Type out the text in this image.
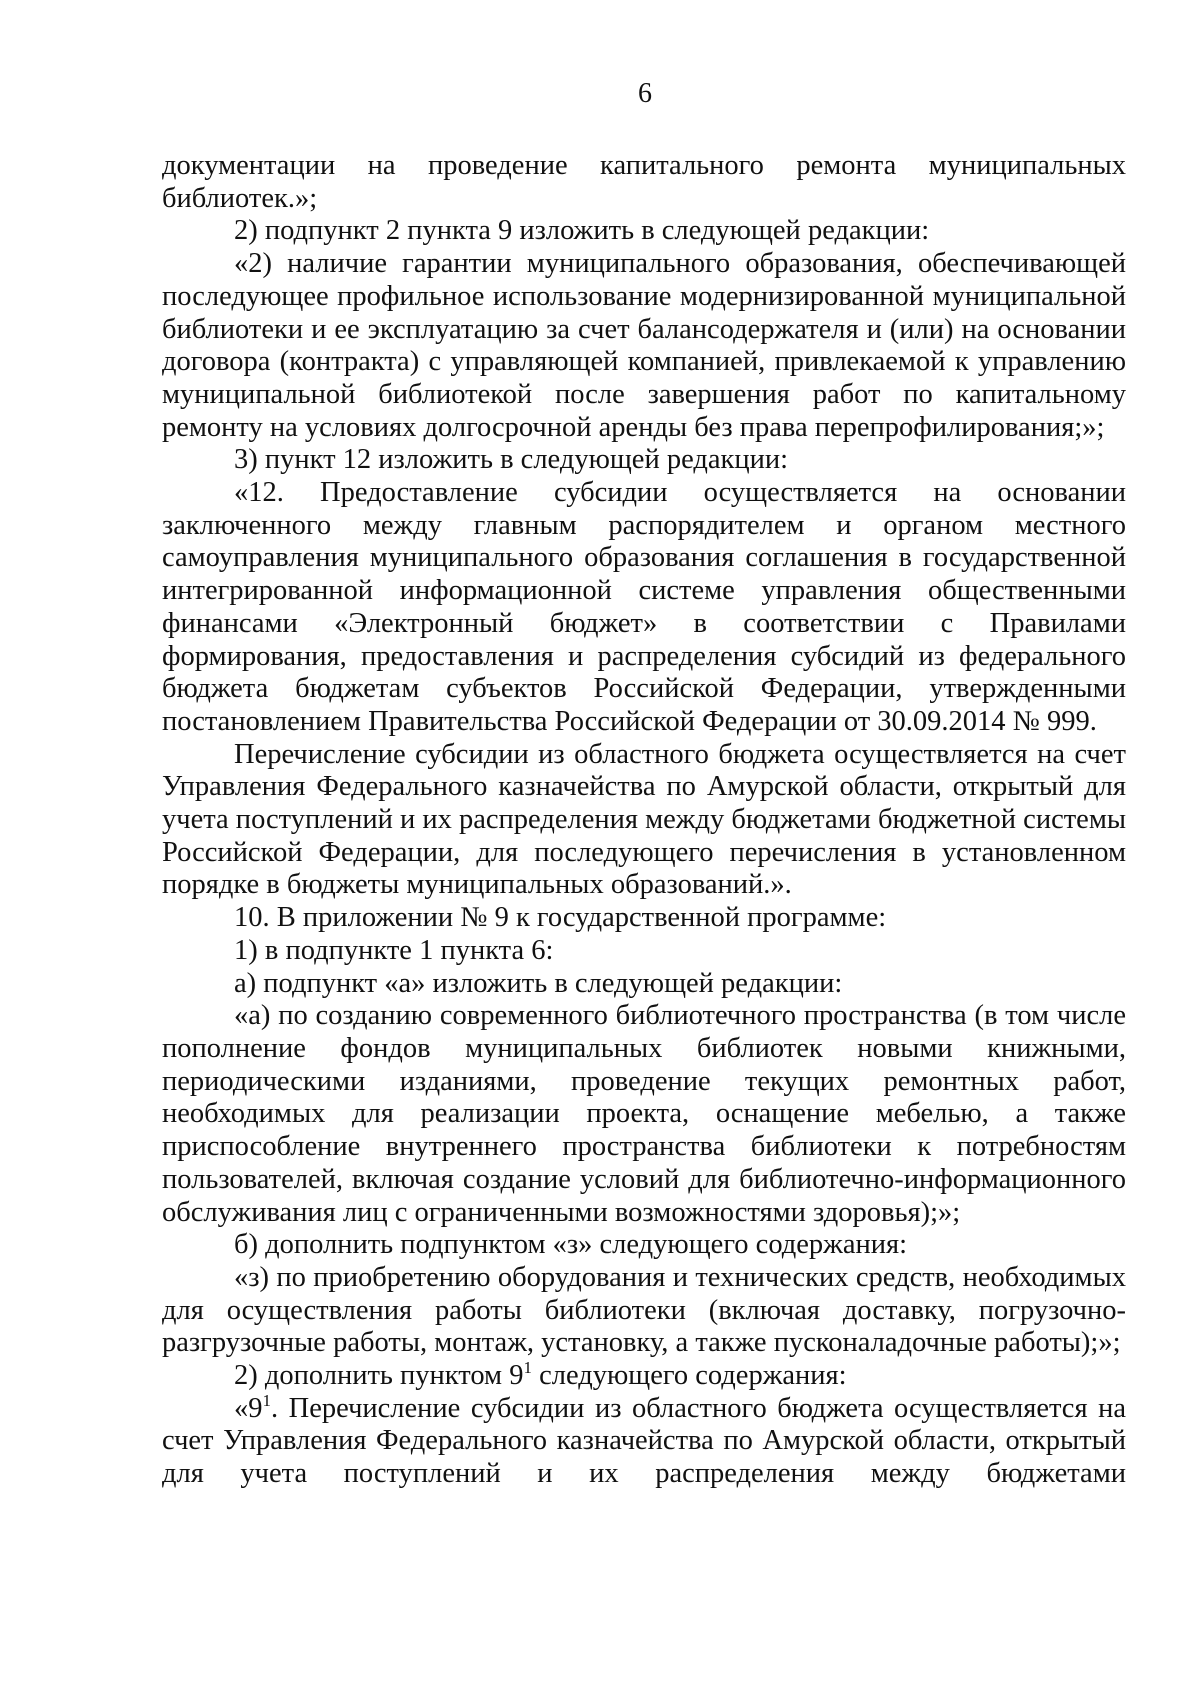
6

документации на проведение капитального ремонта муниципальных библиотек.»;

2) подпункт 2 пункта 9 изложить в следующей редакции:

«2) наличие гарантии муниципального образования, обеспечивающей последующее профильное использование модернизированной муниципальной библиотеки и ее эксплуатацию за счет балансодержателя и (или) на основании договора (контракта) с управляющей компанией, привлекаемой к управлению муниципальной библиотекой после завершения работ по капитальному ремонту на условиях долгосрочной аренды без права перепрофилирования;»;

3) пункт 12 изложить в следующей редакции:

«12. Предоставление субсидии осуществляется на основании заключенного между главным распорядителем и органом местного самоуправления муниципального образования соглашения в государственной интегрированной информационной системе управления общественными финансами «Электронный бюджет» в соответствии с Правилами формирования, предоставления и распределения субсидий из федерального бюджета бюджетам субъектов Российской Федерации, утвержденными постановлением Правительства Российской Федерации от 30.09.2014 № 999.

Перечисление субсидии из областного бюджета осуществляется на счет Управления Федерального казначейства по Амурской области, открытый для учета поступлений и их распределения между бюджетами бюджетной системы Российской Федерации, для последующего перечисления в установленном порядке в бюджеты муниципальных образований.».

10. В приложении № 9 к государственной программе:

1) в подпункте 1 пункта 6:

а) подпункт «а» изложить в следующей редакции:

«а) по созданию современного библиотечного пространства (в том числе пополнение фондов муниципальных библиотек новыми книжными, периодическими изданиями, проведение текущих ремонтных работ, необходимых для реализации проекта, оснащение мебелью, а также приспособление внутреннего пространства библиотеки к потребностям пользователей, включая создание условий для библиотечно-информационного обслуживания лиц с ограниченными возможностями здоровья);»;

б) дополнить подпунктом «з» следующего содержания:

«з) по приобретению оборудования и технических средств, необходимых для осуществления работы библиотеки (включая доставку, погрузочно-разгрузочные работы, монтаж, установку, а также пусконаладочные работы);»;

2) дополнить пунктом $9^1$ следующего содержания:

«$9^1$. Перечисление субсидии из областного бюджета осуществляется на счет Управления Федерального казначейства по Амурской области, открытый для учета поступлений и их распределения между бюджетами
